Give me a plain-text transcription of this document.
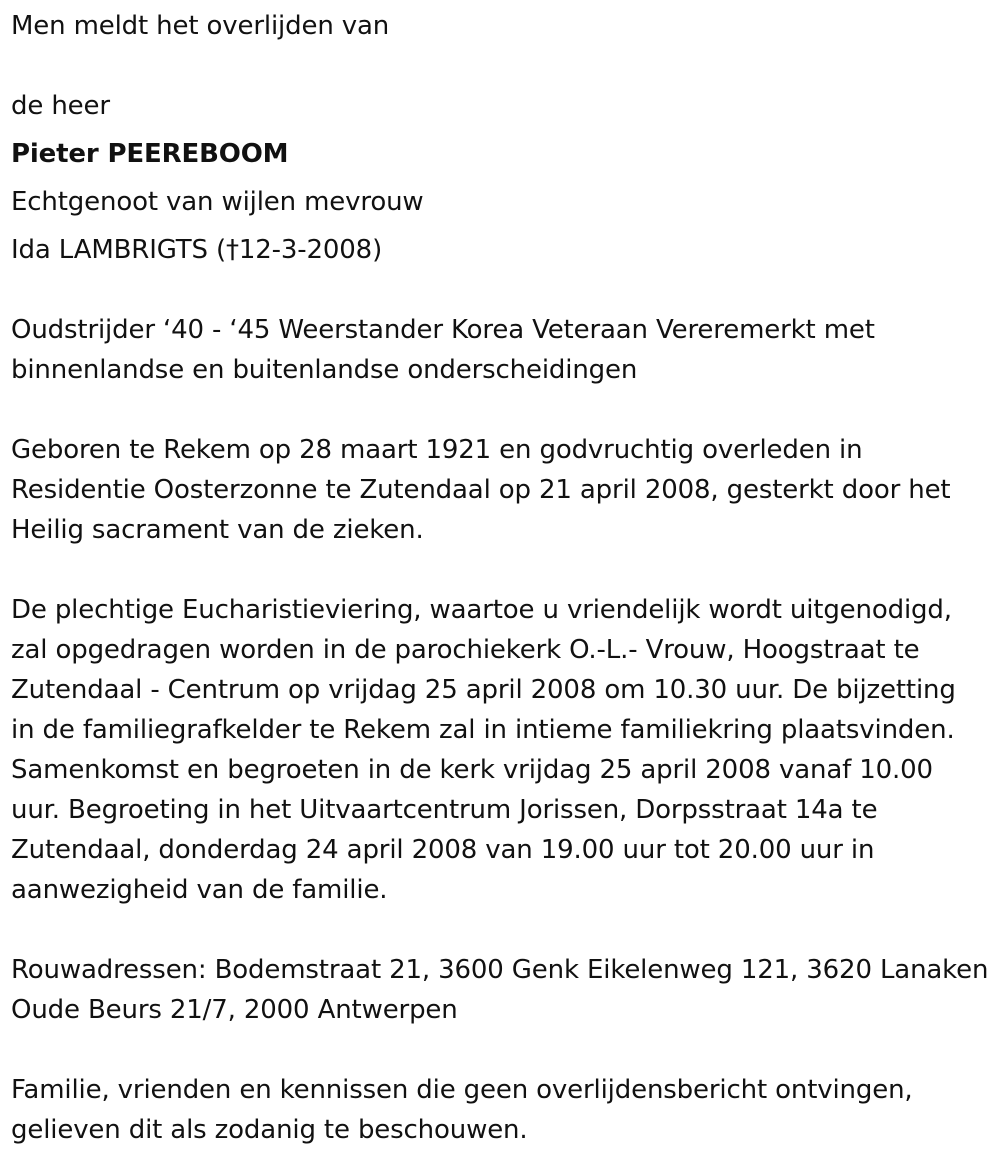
Men meldt het overlijden van
de heer
Pieter PEEREBOOM
Echtgenoot van wijlen mevrouw
Ida LAMBRIGTS (†12-3-2008)
Oudstrijder ‘40 - ‘45 Weerstander Korea Veteraan Vereremerkt met
binnenlandse en buitenlandse onderscheidingen
Geboren te Rekem op 28 maart 1921 en godvruchtig overleden in
Residentie Oosterzonne te Zutendaal op 21 april 2008, gesterkt door het
Heilig sacrament van de zieken.
De plechtige Eucharistieviering, waartoe u vriendelijk wordt uitgenodigd,
zal opgedragen worden in de parochiekerk O.-L.- Vrouw, Hoogstraat te
Zutendaal - Centrum op vrijdag 25 april 2008 om 10.30 uur. De bijzetting
in de familiegrafkelder te Rekem zal in intieme familiekring plaatsvinden.
Samenkomst en begroeten in de kerk vrijdag 25 april 2008 vanaf 10.00
uur. Begroeting in het Uitvaartcentrum Jorissen, Dorpsstraat 14a te
Zutendaal, donderdag 24 april 2008 van 19.00 uur tot 20.00 uur in
aanwezigheid van de familie.
Rouwadressen: Bodemstraat 21, 3600 Genk Eikelenweg 121, 3620 Lanaken
Oude Beurs 21/7, 2000 Antwerpen
Familie, vrienden en kennissen die geen overlijdensbericht ontvingen,
gelieven dit als zodanig te beschouwen.
